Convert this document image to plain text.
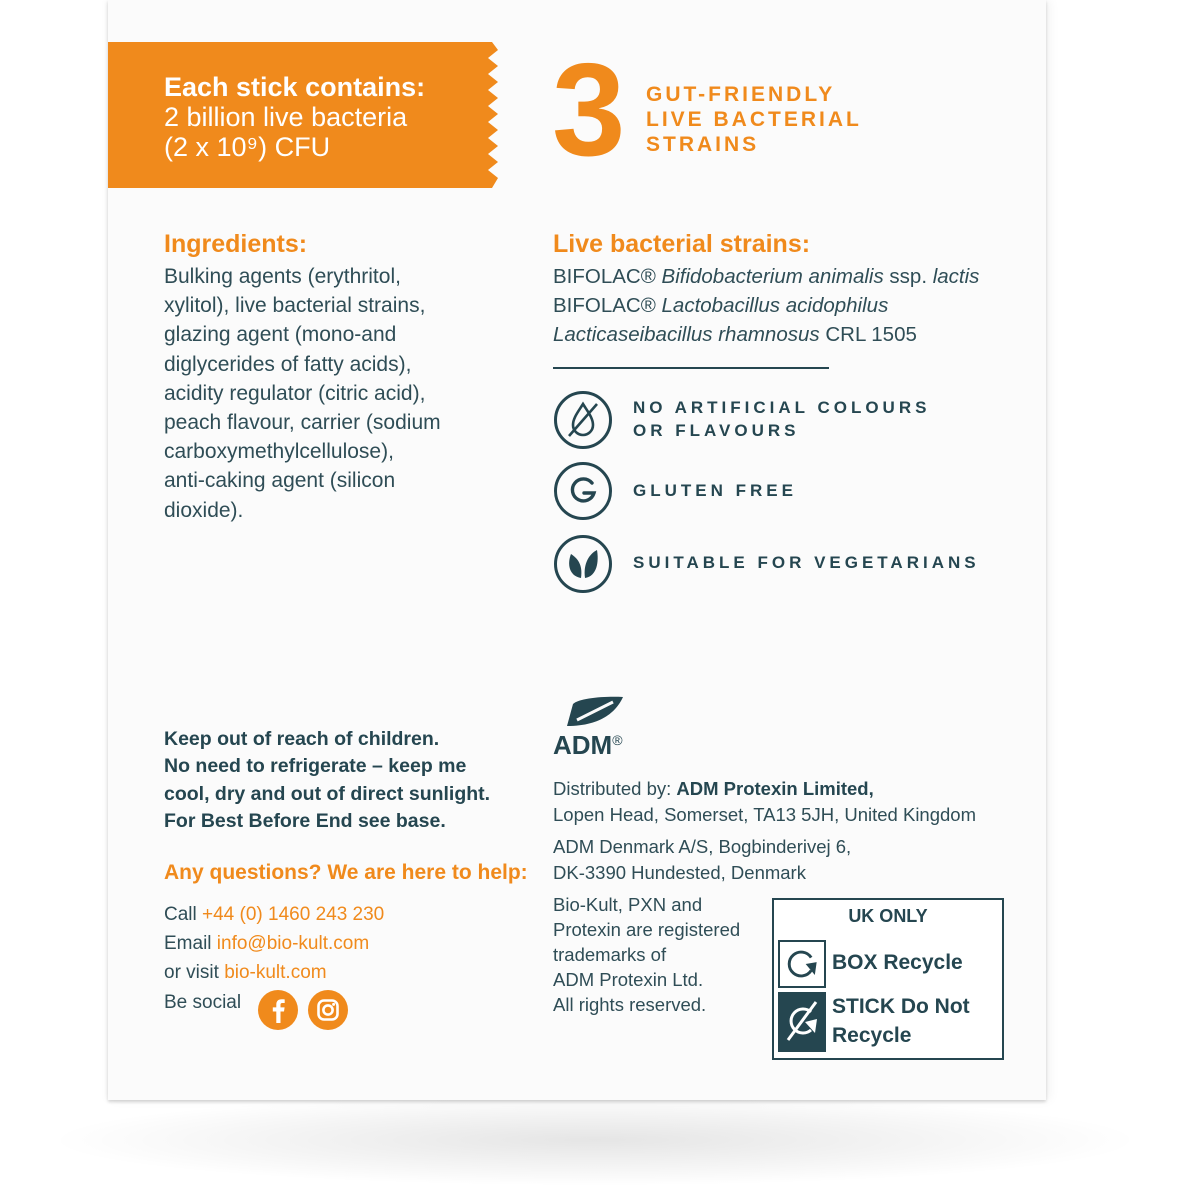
Each stick contains:
2 billion live bacteria
(2 x 10⁹) CFU	3 GUT-FRIENDLY
LIVE BACTERIAL
STRAINS
Ingredients:
Bulking agents (erythritol,
xylitol), live bacterial strains,
glazing agent (mono-and
diglycerides of fatty acids),
acidity regulator (citric acid),
peach flavour, carrier (sodium
carboxymethylcellulose),
anti-caking agent (silicon
dioxide).
Live bacterial strains:
BIFOLAC® Bifidobacterium animalis ssp. lactis
BIFOLAC® Lactobacillus acidophilus
Lacticaseibacillus rhamnosus CRL 1505
NO ARTIFICIAL COLOURS
OR FLAVOURS
GLUTEN FREE
SUITABLE FOR VEGETARIANS
Keep out of reach of children.
No need to refrigerate – keep me
cool, dry and out of direct sunlight.
For Best Before End see base.
Any questions? We are here to help:
Call +44 (0) 1460 243 230
Email info@bio-kult.com
or visit bio-kult.com
Be social
ADM®
Distributed by: ADM Protexin Limited,
Lopen Head, Somerset, TA13 5JH, United Kingdom
ADM Denmark A/S, Bogbinderivej 6,
DK-3390 Hundested, Denmark
Bio-Kult, PXN and
Protexin are registered
trademarks of
ADM Protexin Ltd.
All rights reserved.
UK ONLY
BOX Recycle
STICK Do Not
Recycle
